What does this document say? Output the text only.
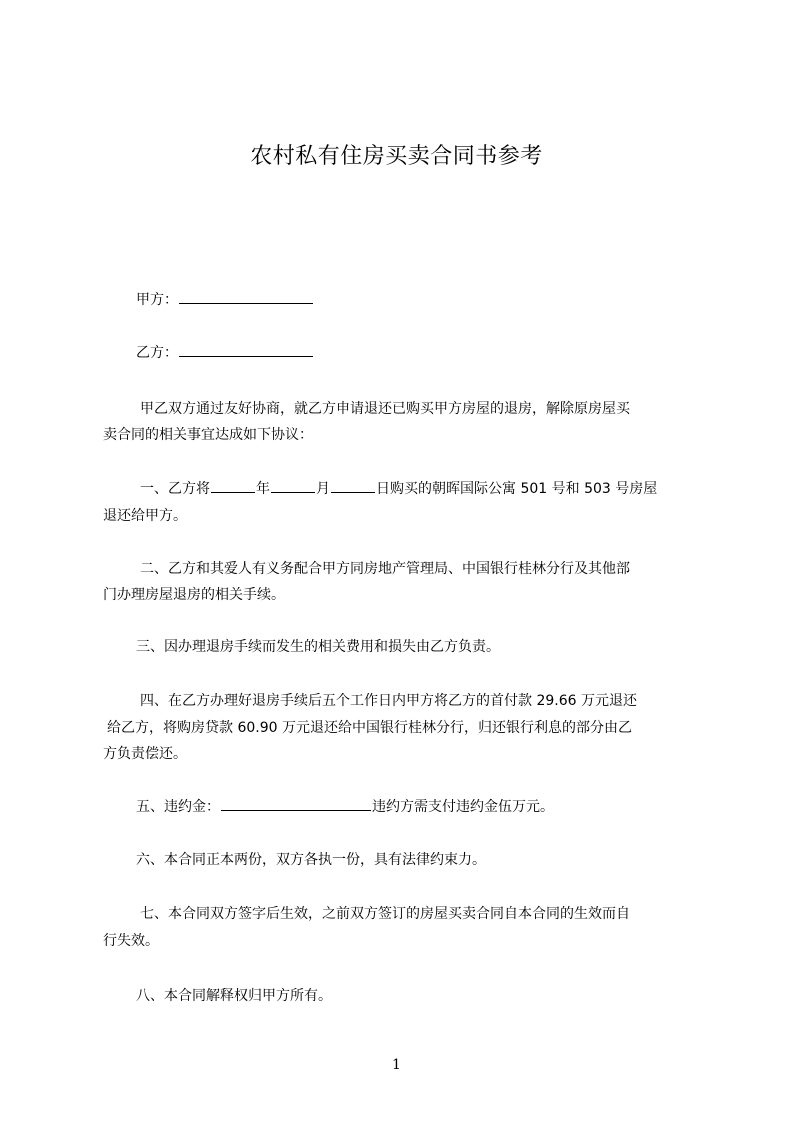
农村私有住房买卖合同书参考
甲方：
乙方：
甲乙双方通过友好协商，就乙方申请退还已购买甲方房屋的退房，解除原房屋买
卖合同的相关事宜达成如下协议：
一、乙方将	年	月	日购买的朝晖国际公寓 501 号和 503 号房屋
退还给甲方。
二、乙方和其爱人有义务配合甲方同房地产管理局、中国银行桂林分行及其他部
门办理房屋退房的相关手续。
三、因办理退房手续而发生的相关费用和损失由乙方负责。
四、在乙方办理好退房手续后五个工作日内甲方将乙方的首付款 29.66 万元退还
给乙方，将购房贷款 60.90 万元退还给中国银行桂林分行，归还银行利息的部分由乙
方负责偿还。
五、违约金：	违约方需支付违约金伍万元。
六、本合同正本两份，双方各执一份，具有法律约束力。
七、本合同双方签字后生效，之前双方签订的房屋买卖合同自本合同的生效而自
行失效。
八、本合同解释权归甲方所有。
1
